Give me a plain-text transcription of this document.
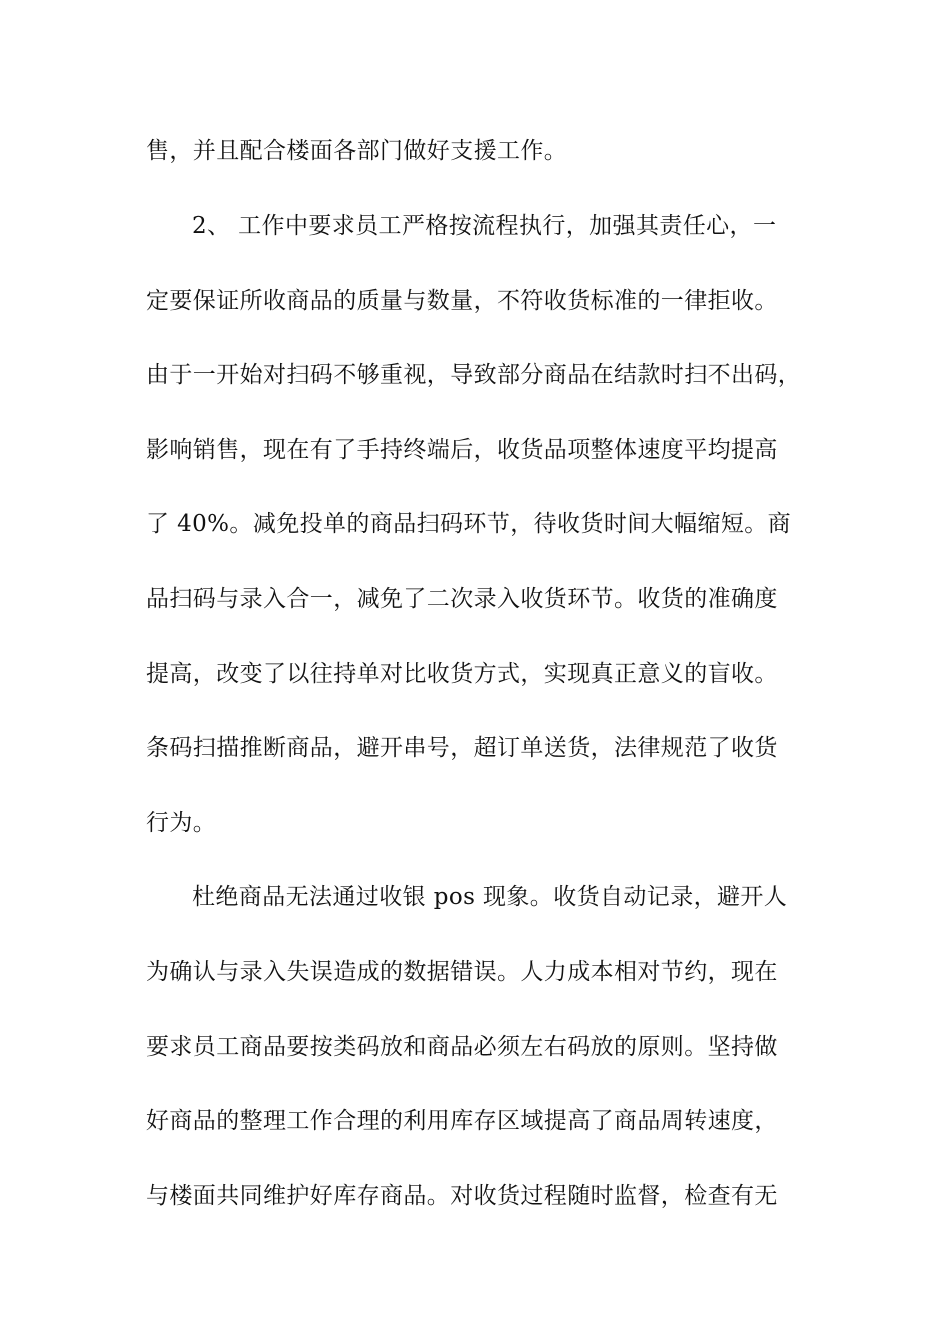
售，并且配合楼面各部门做好支援工作。
2、 工作中要求员工严格按流程执行，加强其责任心，一
定要保证所收商品的质量与数量，不符收货标准的一律拒收。
由于一开始对扫码不够重视，导致部分商品在结款时扫不出码，
影响销售，现在有了手持终端后，收货品项整体速度平均提高
了 40%。减免投单的商品扫码环节，待收货时间大幅缩短。商
品扫码与录入合一，减免了二次录入收货环节。收货的准确度
提高，改变了以往持单对比收货方式，实现真正意义的盲收。
条码扫描推断商品，避开串号，超订单送货，法律规范了收货
行为。
杜绝商品无法通过收银 pos 现象。收货自动记录，避开人
为确认与录入失误造成的数据错误。人力成本相对节约，现在
要求员工商品要按类码放和商品必须左右码放的原则。坚持做
好商品的整理工作合理的利用库存区域提高了商品周转速度，
与楼面共同维护好库存商品。对收货过程随时监督，检查有无
